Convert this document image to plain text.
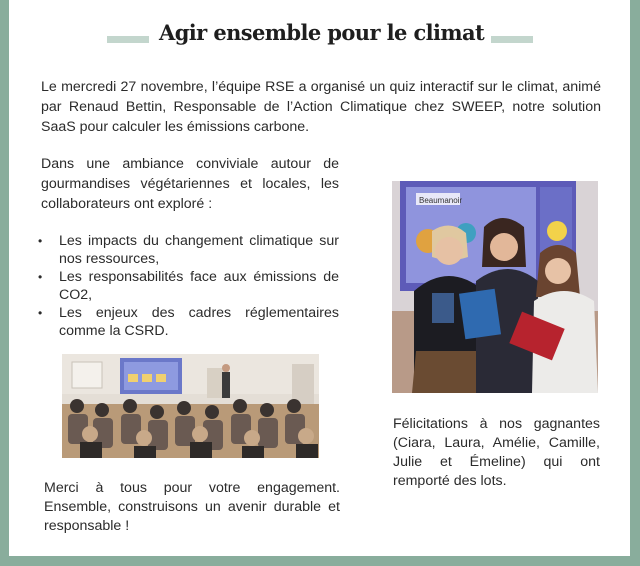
Agir ensemble pour le climat

Le mercredi 27 novembre, l’équipe RSE a organisé un quiz interactif sur le climat, animé par Renaud Bettin, Responsable de l’Action Climatique chez SWEEP, notre solution SaaS pour calculer les émissions carbone.

Dans une ambiance conviviale autour de gourmandises végétariennes et locales, les collaborateurs ont exploré :

• Les impacts du changement climatique sur nos ressources,
• Les responsabilités face aux émissions de CO2,
• Les enjeux des cadres réglementaires comme la CSRD.
Beaumanoir

Merci à tous pour votre engagement. Ensemble, construisons un avenir durable et responsable !

Félicitations à nos gagnantes (Ciara, Laura, Amélie, Camille, Julie et Émeline) qui ont remporté des lots.
